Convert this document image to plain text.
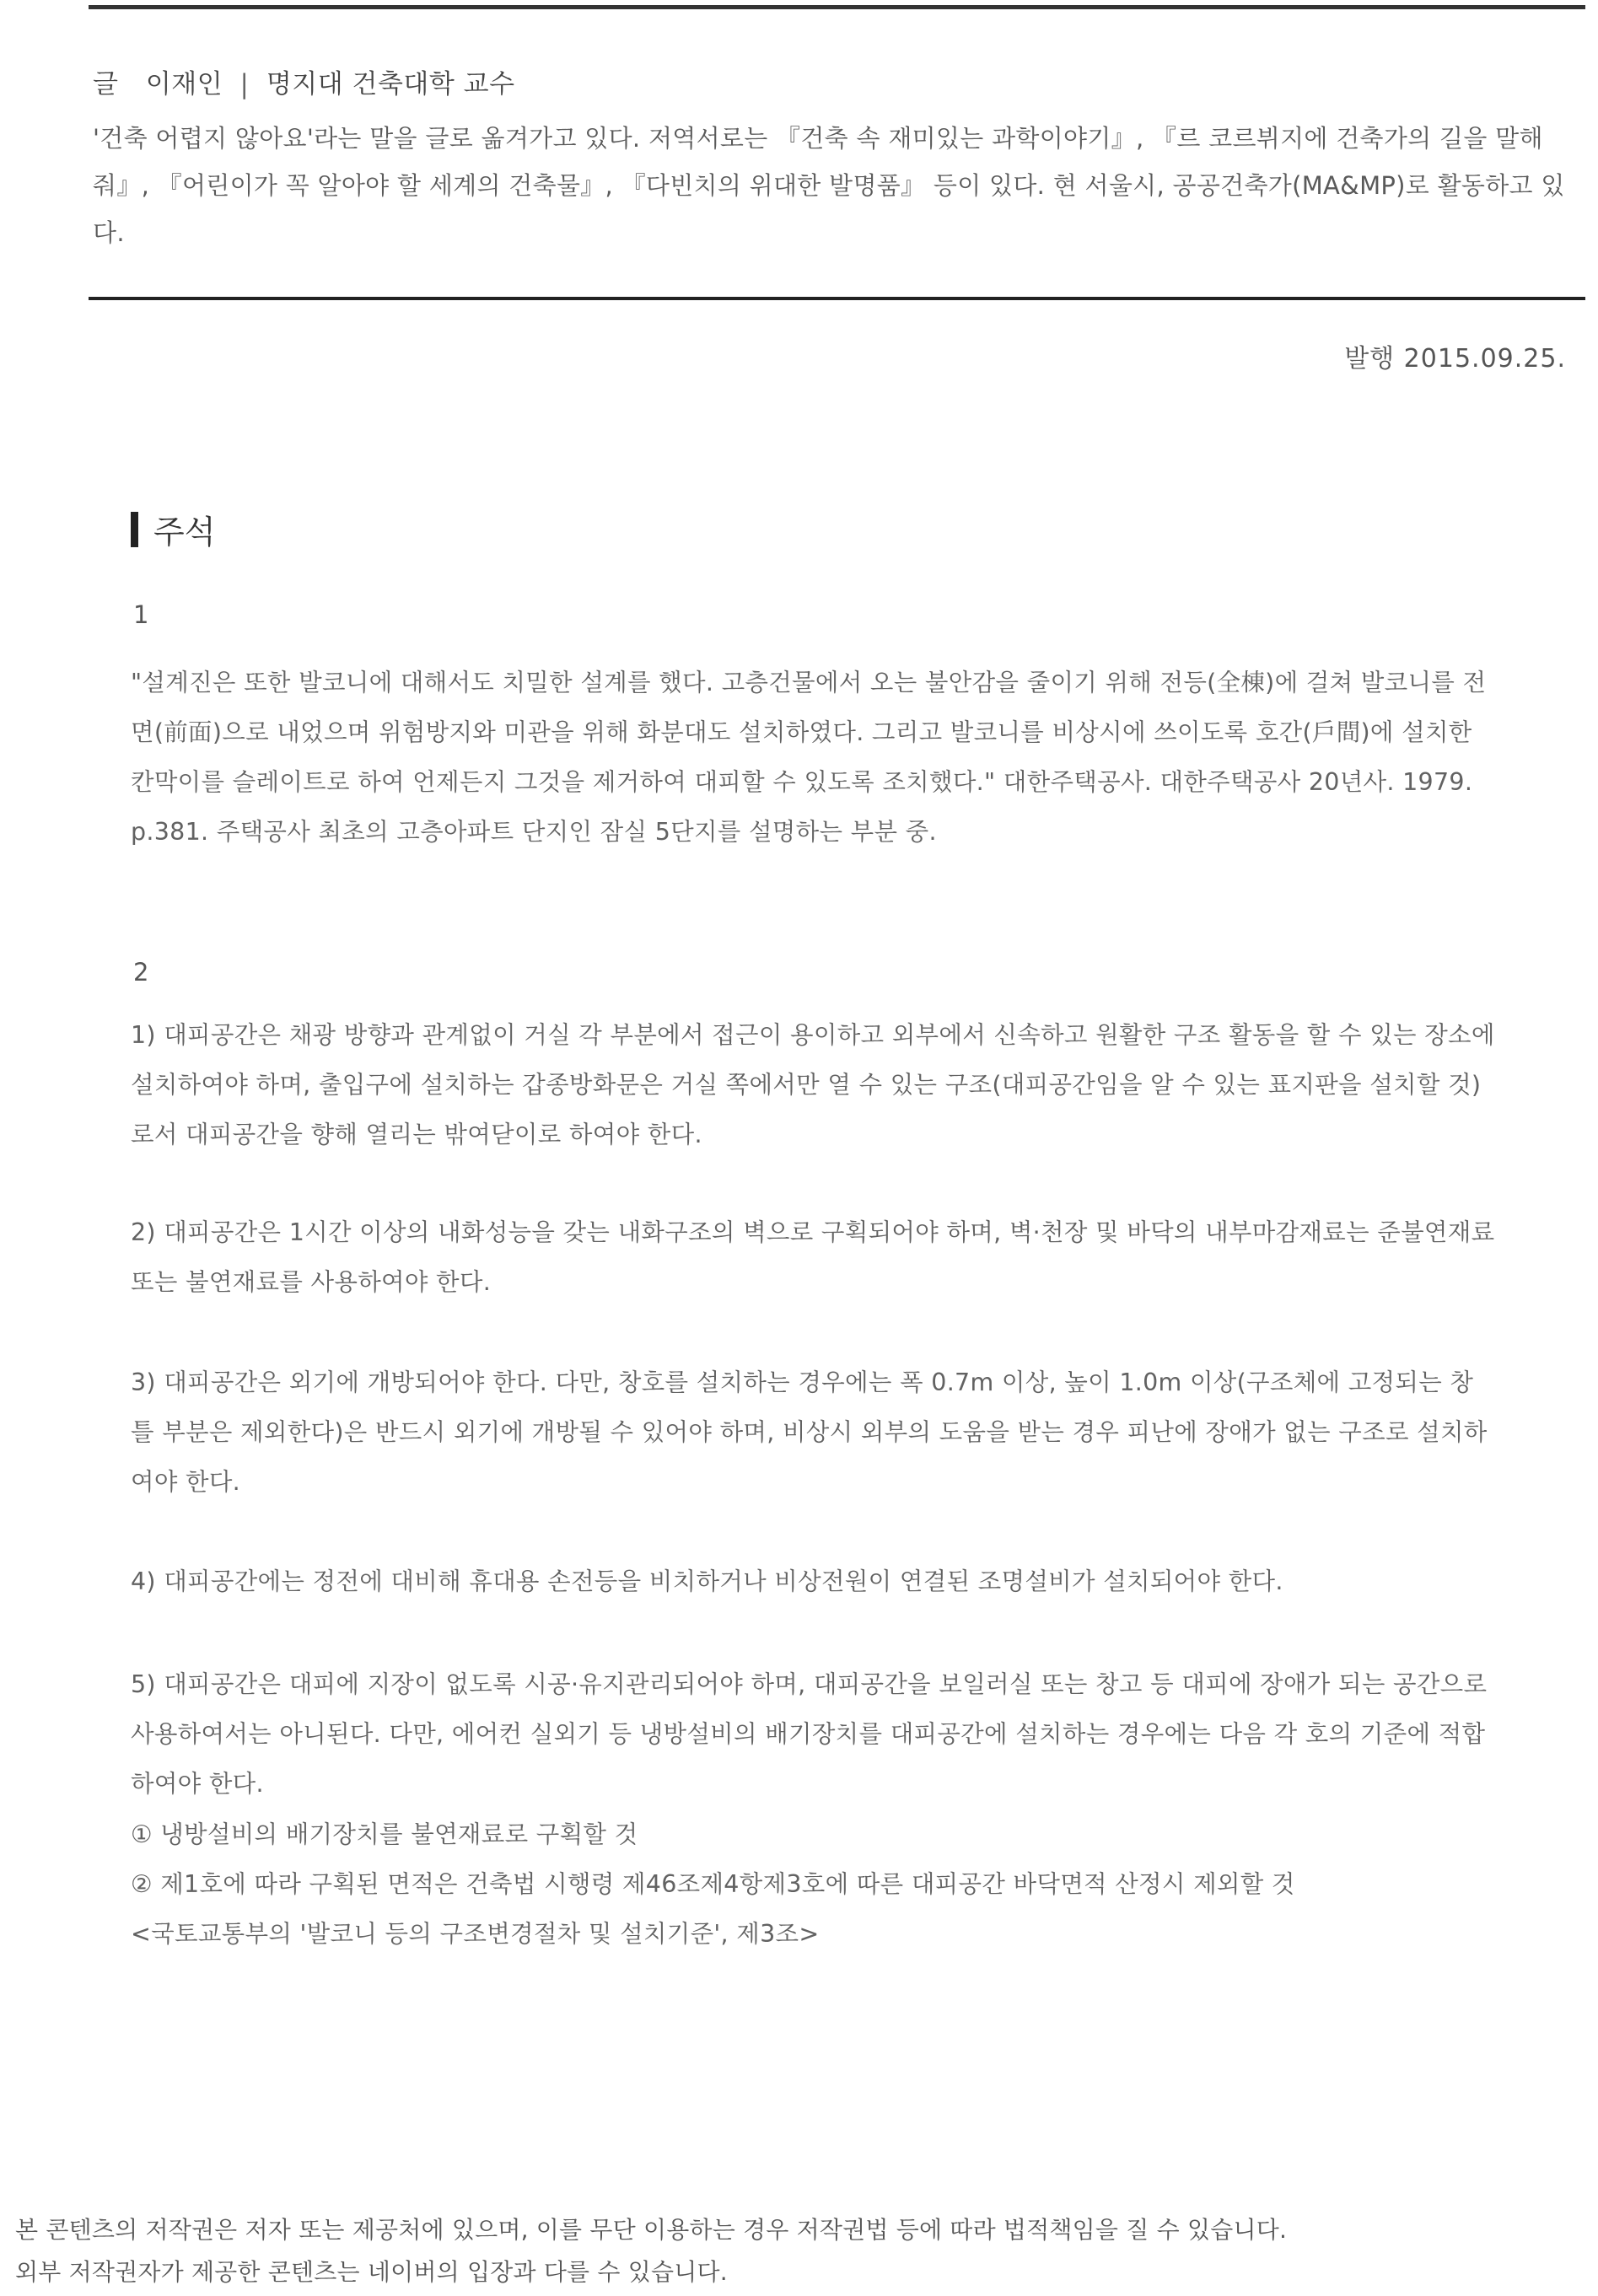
글 이재인 | 명지대 건축대학 교수
'건축 어렵지 않아요'라는 말을 글로 옮겨가고 있다. 저역서로는 『건축 속 재미있는 과학이야기』, 『르 코르뷔지에 건축가의 길을 말해줘』, 『어린이가 꼭 알아야 할 세계의 건축물』, 『다빈치의 위대한 발명품』 등이 있다. 현 서울시, 공공건축가(MA&MP)로 활동하고 있다.
발행 2015.09.25.
주석
1
"설계진은 또한 발코니에 대해서도 치밀한 설계를 했다. 고층건물에서 오는 불안감을 줄이기 위해 전등(全棟)에 걸쳐 발코니를 전면(前面)으로 내었으며 위험방지와 미관을 위해 화분대도 설치하였다. 그리고 발코니를 비상시에 쓰이도록 호간(戶間)에 설치한 칸막이를 슬레이트로 하여 언제든지 그것을 제거하여 대피할 수 있도록 조치했다." 대한주택공사. 대한주택공사 20년사. 1979. p.381. 주택공사 최초의 고층아파트 단지인 잠실 5단지를 설명하는 부분 중.
2
1) 대피공간은 채광 방향과 관계없이 거실 각 부분에서 접근이 용이하고 외부에서 신속하고 원활한 구조 활동을 할 수 있는 장소에 설치하여야 하며, 출입구에 설치하는 갑종방화문은 거실 쪽에서만 열 수 있는 구조(대피공간임을 알 수 있는 표지판을 설치할 것)로서 대피공간을 향해 열리는 밖여닫이로 하여야 한다.
2) 대피공간은 1시간 이상의 내화성능을 갖는 내화구조의 벽으로 구획되어야 하며, 벽·천장 및 바닥의 내부마감재료는 준불연재료 또는 불연재료를 사용하여야 한다.
3) 대피공간은 외기에 개방되어야 한다. 다만, 창호를 설치하는 경우에는 폭 0.7m 이상, 높이 1.0m 이상(구조체에 고정되는 창틀 부분은 제외한다)은 반드시 외기에 개방될 수 있어야 하며, 비상시 외부의 도움을 받는 경우 피난에 장애가 없는 구조로 설치하여야 한다.
4) 대피공간에는 정전에 대비해 휴대용 손전등을 비치하거나 비상전원이 연결된 조명설비가 설치되어야 한다.
5) 대피공간은 대피에 지장이 없도록 시공·유지관리되어야 하며, 대피공간을 보일러실 또는 창고 등 대피에 장애가 되는 공간으로 사용하여서는 아니된다. 다만, 에어컨 실외기 등 냉방설비의 배기장치를 대피공간에 설치하는 경우에는 다음 각 호의 기준에 적합하여야 한다.
① 냉방설비의 배기장치를 불연재료로 구획할 것
② 제1호에 따라 구획된 면적은 건축법 시행령 제46조제4항제3호에 따른 대피공간 바닥면적 산정시 제외할 것
<국토교통부의 '발코니 등의 구조변경절차 및 설치기준', 제3조>
본 콘텐츠의 저작권은 저자 또는 제공처에 있으며, 이를 무단 이용하는 경우 저작권법 등에 따라 법적책임을 질 수 있습니다.
외부 저작권자가 제공한 콘텐츠는 네이버의 입장과 다를 수 있습니다.
